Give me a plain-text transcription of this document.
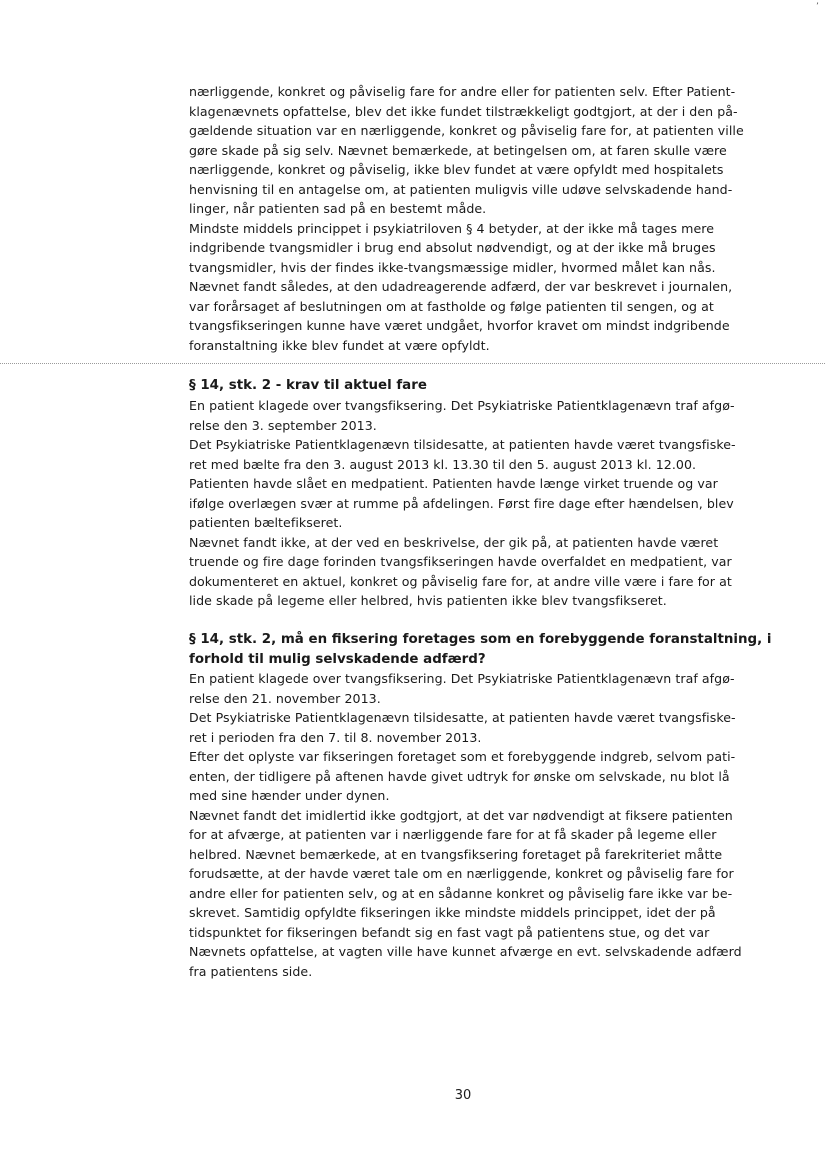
ʼ
nærliggende, konkret og påviselig fare for andre eller for patienten selv. Efter Patient-
klagenævnets opfattelse, blev det ikke fundet tilstrækkeligt godtgjort, at der i den på-
gældende situation var en nærliggende, konkret og påviselig fare for, at patienten ville
gøre skade på sig selv. Nævnet bemærkede, at betingelsen om, at faren skulle være
nærliggende, konkret og påviselig, ikke blev fundet at være opfyldt med hospitalets
henvisning til en antagelse om, at patienten muligvis ville udøve selvskadende hand-
linger, når patienten sad på en bestemt måde.
Mindste middels princippet i psykiatriloven § 4 betyder, at der ikke må tages mere
indgribende tvangsmidler i brug end absolut nødvendigt, og at der ikke må bruges
tvangsmidler, hvis der findes ikke-tvangsmæssige midler, hvormed målet kan nås.
Nævnet fandt således, at den udadreagerende adfærd, der var beskrevet i journalen,
var forårsaget af beslutningen om at fastholde og følge patienten til sengen, og at
tvangsfikseringen kunne have været undgået, hvorfor kravet om mindst indgribende
foranstaltning ikke blev fundet at være opfyldt.
§ 14, stk. 2 - krav til aktuel fare
En patient klagede over tvangsfiksering. Det Psykiatriske Patientklagenævn traf afgø-
relse den 3. september 2013.
Det Psykiatriske Patientklagenævn tilsidesatte, at patienten havde været tvangsfiske-
ret med bælte fra den 3. august 2013 kl. 13.30 til den 5. august 2013 kl. 12.00.
Patienten havde slået en medpatient. Patienten havde længe virket truende og var
ifølge overlægen svær at rumme på afdelingen. Først fire dage efter hændelsen, blev
patienten bæltefikseret.
Nævnet fandt ikke, at der ved en beskrivelse, der gik på, at patienten havde været
truende og fire dage forinden tvangsfikseringen havde overfaldet en medpatient, var
dokumenteret en aktuel, konkret og påviselig fare for, at andre ville være i fare for at
lide skade på legeme eller helbred, hvis patienten ikke blev tvangsfikseret.
§ 14, stk. 2, må en fiksering foretages som en forebyggende foranstaltning, i
forhold til mulig selvskadende adfærd?
En patient klagede over tvangsfiksering. Det Psykiatriske Patientklagenævn traf afgø-
relse den 21. november 2013.
Det Psykiatriske Patientklagenævn tilsidesatte, at patienten havde været tvangsfiske-
ret i perioden fra den 7. til 8. november 2013.
Efter det oplyste var fikseringen foretaget som et forebyggende indgreb, selvom pati-
enten, der tidligere på aftenen havde givet udtryk for ønske om selvskade, nu blot lå
med sine hænder under dynen.
Nævnet fandt det imidlertid ikke godtgjort, at det var nødvendigt at fiksere patienten
for at afværge, at patienten var i nærliggende fare for at få skader på legeme eller
helbred. Nævnet bemærkede, at en tvangsfiksering foretaget på farekriteriet måtte
forudsætte, at der havde været tale om en nærliggende, konkret og påviselig fare for
andre eller for patienten selv, og at en sådanne konkret og påviselig fare ikke var be-
skrevet. Samtidig opfyldte fikseringen ikke mindste middels princippet, idet der på
tidspunktet for fikseringen befandt sig en fast vagt på patientens stue, og det var
Nævnets opfattelse, at vagten ville have kunnet afværge en evt. selvskadende adfærd
fra patientens side.
30
